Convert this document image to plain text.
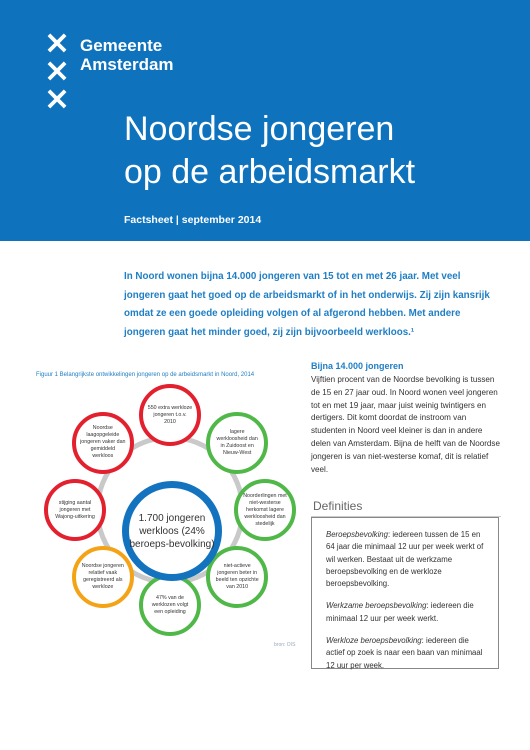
×
×
×
Gemeente
Amsterdam
Noordse jongeren
op de arbeidsmarkt
Factsheet | september 2014
In Noord wonen bijna 14.000 jongeren van 15 tot en met 26 jaar. Met veel jongeren gaat het goed op de arbeidsmarkt of in het onderwijs. Zij zijn kansrijk omdat ze een goede opleiding volgen of al afgerond hebben. Met andere jongeren gaat het minder goed, zij zijn bijvoorbeeld werkloos.¹
Figuur 1 Belangrijkste ontwikkelingen jongeren op de arbeidsmarkt in Noord, 2014
550 extra werkloze jongeren t.o.v. 2010
lagere werkloosheid dan in Zuidoost en Nieuw-West
Noorderlingen met niet-westerse herkomst lagere werkloosheid dan stedelijk
niet-actieve jongeren beter in beeld ten opzichte van 2010
47% van de werklozen volgt een opleiding
Noordse jongeren relatief vaak geregistreerd als werkloze
stijging aantal jongeren met Wajong-uitkering
Noordse laagopgeleide jongeren vaker dan gemiddeld werkloos
1.700 jongeren werkloos (24% beroeps-bevolking)
bron: OIS
Bijna 14.000 jongeren

Vijftien procent van de Noordse bevolking is tussen de 15 en 27 jaar oud. In Noord wonen veel jongeren tot en met 19 jaar, maar juist weinig twintigers en dertigers. Dit komt doordat de instroom van studenten in Noord veel kleiner is dan in andere delen van Amsterdam. Bijna de helft van de Noordse jongeren is van niet-westerse komaf, dit is relatief veel.

Definities

Beroepsbevolking: iedereen tussen de 15 en 64 jaar die minimaal 12 uur per week werkt of wil werken. Bestaat uit de werkzame beroepsbevolking en de werkloze beroepsbevolking.

Werkzame beroepsbevolking: iedereen die minimaal 12 uur per week werkt.

Werkloze beroepsbevolking: iedereen die actief op zoek is naar een baan van minimaal 12 uur per week.
